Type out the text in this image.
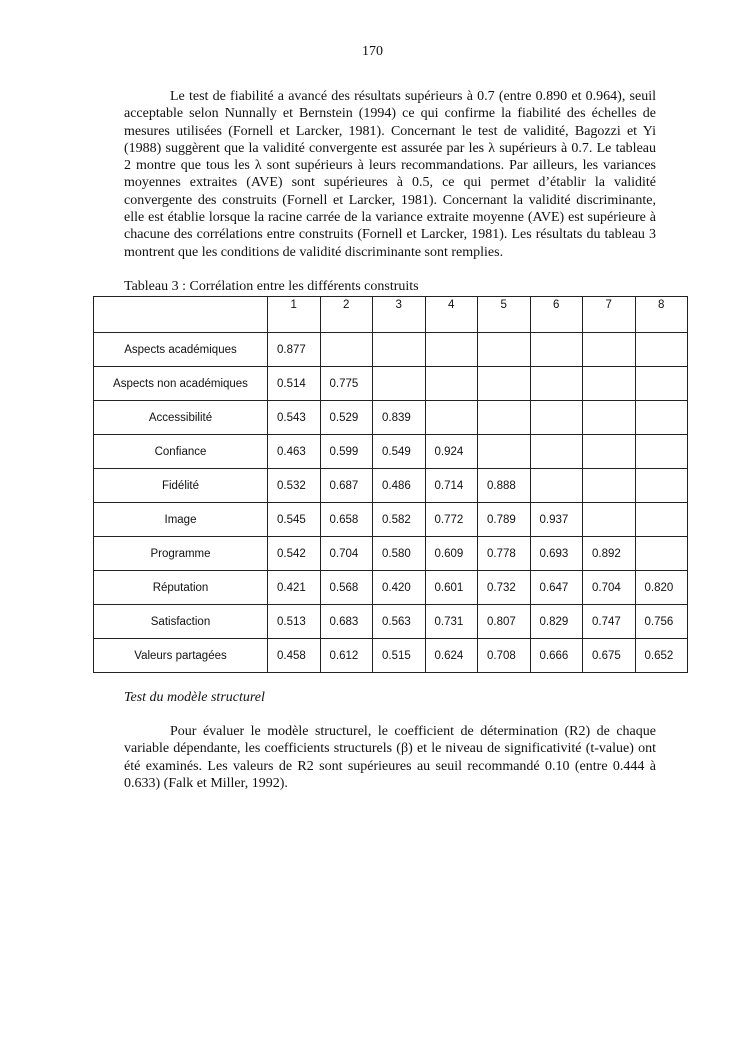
170

Le test de fiabilité a avancé des résultats supérieurs à 0.7 (entre 0.890 et 0.964), seuil acceptable selon Nunnally et Bernstein (1994) ce qui confirme la fiabilité des échelles de mesures utilisées (Fornell et Larcker, 1981). Concernant le test de validité, Bagozzi et Yi (1988) suggèrent que la validité convergente est assurée par les λ supérieurs à 0.7. Le tableau 2 montre que tous les λ sont supérieurs à leurs recommandations. Par ailleurs, les variances moyennes extraites (AVE) sont supérieures à 0.5, ce qui permet d’établir la validité convergente des construits (Fornell et Larcker, 1981). Concernant la validité discriminante, elle est établie lorsque la racine carrée de la variance extraite moyenne (AVE) est supérieure à chacune des corrélations entre construits (Fornell et Larcker, 1981). Les résultats du tableau 3 montrent que les conditions de validité discriminante sont remplies.

Tableau 3 : Corrélation entre les différents construits
	1	2	3	4	5	6	7	8
Aspects académiques	0.877							
Aspects non académiques	0.514	0.775						
Accessibilité	0.543	0.529	0.839					
Confiance	0.463	0.599	0.549	0.924				
Fidélité	0.532	0.687	0.486	0.714	0.888			
Image	0.545	0.658	0.582	0.772	0.789	0.937		
Programme	0.542	0.704	0.580	0.609	0.778	0.693	0.892	
Réputation	0.421	0.568	0.420	0.601	0.732	0.647	0.704	0.820
Satisfaction	0.513	0.683	0.563	0.731	0.807	0.829	0.747	0.756
Valeurs partagées	0.458	0.612	0.515	0.624	0.708	0.666	0.675	0.652
Test du modèle structurel

Pour évaluer le modèle structurel, le coefficient de détermination (R2) de chaque variable dépendante, les coefficients structurels (β) et le niveau de significativité (t-value) ont été examinés. Les valeurs de R2 sont supérieures au seuil recommandé 0.10 (entre 0.444 à 0.633) (Falk et Miller, 1992).
